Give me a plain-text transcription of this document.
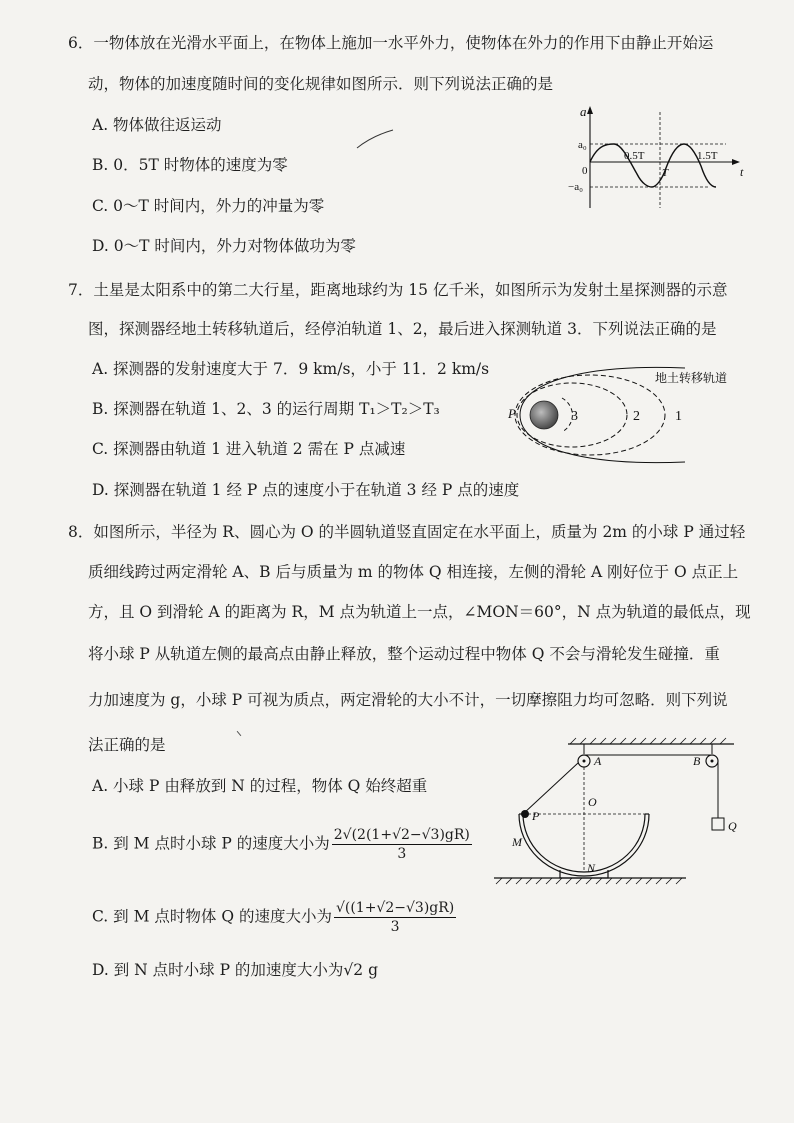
6．一物体放在光滑水平面上，在物体上施加一水平外力，使物体在外力的作用下由静止开始运
动，物体的加速度随时间的变化规律如图所示．则下列说法正确的是
A. 物体做往返运动
B. 0．5T 时物体的速度为零
C. 0～T 时间内，外力的冲量为零
D. 0～T 时间内，外力对物体做功为零
a
a₀
0
−a₀
0.5T
T
1.5T
t
7．土星是太阳系中的第二大行星，距离地球约为 15 亿千米，如图所示为发射土星探测器的示意
图，探测器经地土转移轨道后，经停泊轨道 1、2，最后进入探测轨道 3．下列说法正确的是
A. 探测器的发射速度大于 7．9 km/s，小于 11．2 km/s
B. 探测器在轨道 1、2、3 的运行周期 T₁＞T₂＞T₃
C. 探测器由轨道 1 进入轨道 2 需在 P 点减速
D. 探测器在轨道 1 经 P 点的速度小于在轨道 3 经 P 点的速度
地土转移轨道
P	3	2	1
8．如图所示，半径为 R、圆心为 O 的半圆轨道竖直固定在水平面上，质量为 2m 的小球 P 通过轻
质细线跨过两定滑轮 A、B 后与质量为 m 的物体 Q 相连接，左侧的滑轮 A 刚好位于 O 点正上
方，且 O 到滑轮 A 的距离为 R，M 点为轨道上一点，∠MON＝60°，N 点为轨道的最低点，现
将小球 P 从轨道左侧的最高点由静止释放，整个运动过程中物体 Q 不会与滑轮发生碰撞．重
力加速度为 g，小球 P 可视为质点，两定滑轮的大小不计，一切摩擦阻力均可忽略．则下列说
法正确的是
A. 小球 P 由释放到 N 的过程，物体 Q 始终超重
B. 到 M 点时小球 P 的速度大小为 $\frac{2√(2(1+√2-√3)gR)}{3}$
C. 到 M 点时物体 Q 的速度大小为 $\frac{√((1+√2-√3)gR)}{3}$
D. 到 N 点时小球 P 的加速度大小为√2 g
A	B
O
P
M
N
Q
